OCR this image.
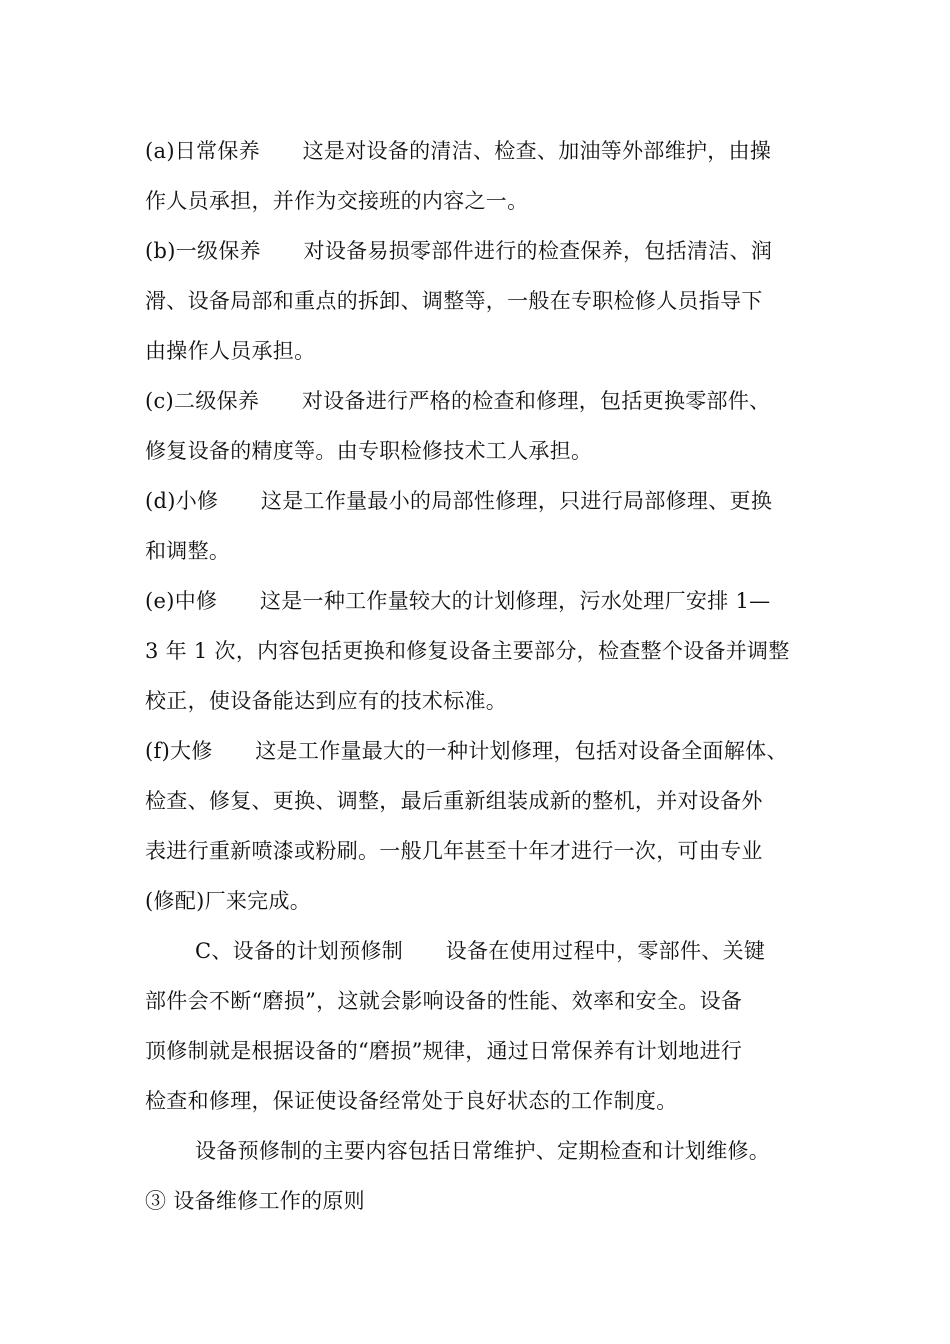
(a)日常保养　　这是对设备的清洁、检查、加油等外部维护，由操
作人员承担，并作为交接班的内容之一。
(b)一级保养　　对设备易损零部件进行的检查保养，包括清洁、润
滑、设备局部和重点的拆卸、调整等，一般在专职检修人员指导下
由操作人员承担。
(c)二级保养　　对设备进行严格的检查和修理，包括更换零部件、
修复设备的精度等。由专职检修技术工人承担。
(d)小修　　这是工作量最小的局部性修理，只进行局部修理、更换
和调整。
(e)中修　　这是一种工作量较大的计划修理，污水处理厂安排 1—
3 年 1 次，内容包括更换和修复设备主要部分，检查整个设备并调整
校正，使设备能达到应有的技术标准。
(f)大修　　这是工作量最大的一种计划修理，包括对设备全面解体、
检查、修复、更换、调整，最后重新组装成新的整机，并对设备外
表进行重新喷漆或粉刷。一般几年甚至十年才进行一次，可由专业
(修配)厂来完成。
C、设备的计划预修制　　设备在使用过程中，零部件、关键
部件会不断“磨损”，这就会影响设备的性能、效率和安全。设备
顶修制就是根据设备的“磨损”规律，通过日常保养有计划地进行
检查和修理，保证使设备经常处于良好状态的工作制度。
设备预修制的主要内容包括日常维护、定期检查和计划维修。
③ 设备维修工作的原则
